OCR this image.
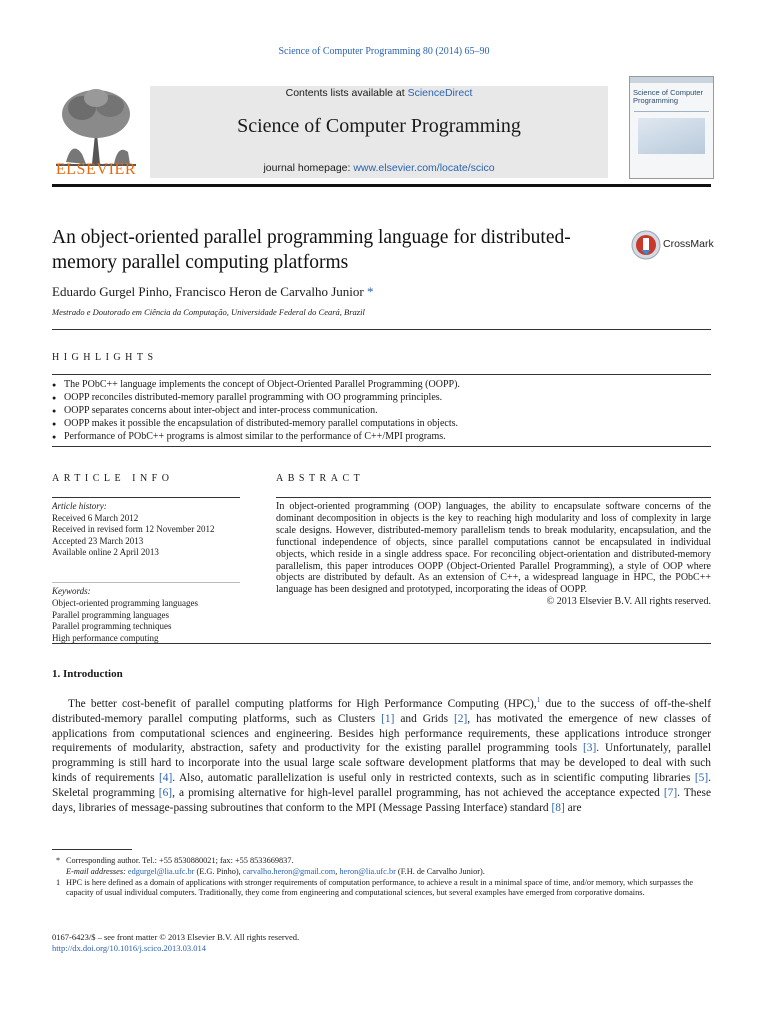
Science of Computer Programming 80 (2014) 65–90
ELSEVIER
Contents lists available at ScienceDirect
Science of Computer Programming
journal homepage: www.elsevier.com/locate/scico
Science of Computer
Programming
An object-oriented parallel programming language for distributed-memory parallel computing platforms
CrossMark
Eduardo Gurgel Pinho, Francisco Heron de Carvalho Junior *
Mestrado e Doutorado em Ciência da Computação, Universidade Federal do Ceará, Brazil
HIGHLIGHTS
● The PObC++ language implements the concept of Object-Oriented Parallel Programming (OOPP).
● OOPP reconciles distributed-memory parallel programming with OO programming principles.
● OOPP separates concerns about inter-object and inter-process communication.
● OOPP makes it possible the encapsulation of distributed-memory parallel computations in objects.
● Performance of PObC++ programs is almost similar to the performance of C++/MPI programs.
ARTICLE INFO	ABSTRACT
Article history:
Received 6 March 2012
Received in revised form 12 November 2012
Accepted 23 March 2013
Available online 2 April 2013
Keywords:
Object-oriented programming languages
Parallel programming languages
Parallel programming techniques
High performance computing
In object-oriented programming (OOP) languages, the ability to encapsulate software concerns of the dominant decomposition in objects is the key to reaching high modularity and loss of complexity in large scale designs. However, distributed-memory parallelism tends to break modularity, encapsulation, and the functional independence of objects, since parallel computations cannot be encapsulated in individual objects, which reside in a single address space. For reconciling object-orientation and distributed-memory parallelism, this paper introduces OOPP (Object-Oriented Parallel Programming), a style of OOP where objects are distributed by default. As an extension of C++, a widespread language in HPC, the PObC++ language has been designed and prototyped, incorporating the ideas of OOPP.
© 2013 Elsevier B.V. All rights reserved.
1. Introduction

The better cost-benefit of parallel computing platforms for High Performance Computing (HPC),$^1$ due to the success of off-the-shelf distributed-memory parallel computing platforms, such as Clusters [1] and Grids [2], has motivated the emergence of new classes of applications from computational sciences and engineering. Besides high performance requirements, these applications introduce stronger requirements of modularity, abstraction, safety and productivity for the existing parallel programming tools [3]. Unfortunately, parallel programming is still hard to incorporate into the usual large scale software development platforms that may be developed to deal with such kinds of requirements [4]. Also, automatic parallelization is useful only in restricted contexts, such as in scientific computing libraries [5]. Skeletal programming [6], a promising alternative for high-level parallel programming, has not achieved the acceptance expected [7]. These days, libraries of message-passing subroutines that conform to the MPI (Message Passing Interface) standard [8] are

* Corresponding author. Tel.: +55 8530880021; fax: +55 8533669837.
E-mail addresses: edgurgel@lia.ufc.br (E.G. Pinho), carvalho.heron@gmail.com, heron@lia.ufc.br (F.H. de Carvalho Junior).
1 HPC is here defined as a domain of applications with stronger requirements of computation performance, to achieve a result in a minimal space of time, and/or memory, which surpasses the capacity of usual individual computers. Traditionally, they come from engineering and computational sciences, but several examples have emerged from corporative domains.
0167-6423/$ – see front matter © 2013 Elsevier B.V. All rights reserved.
http://dx.doi.org/10.1016/j.scico.2013.03.014
